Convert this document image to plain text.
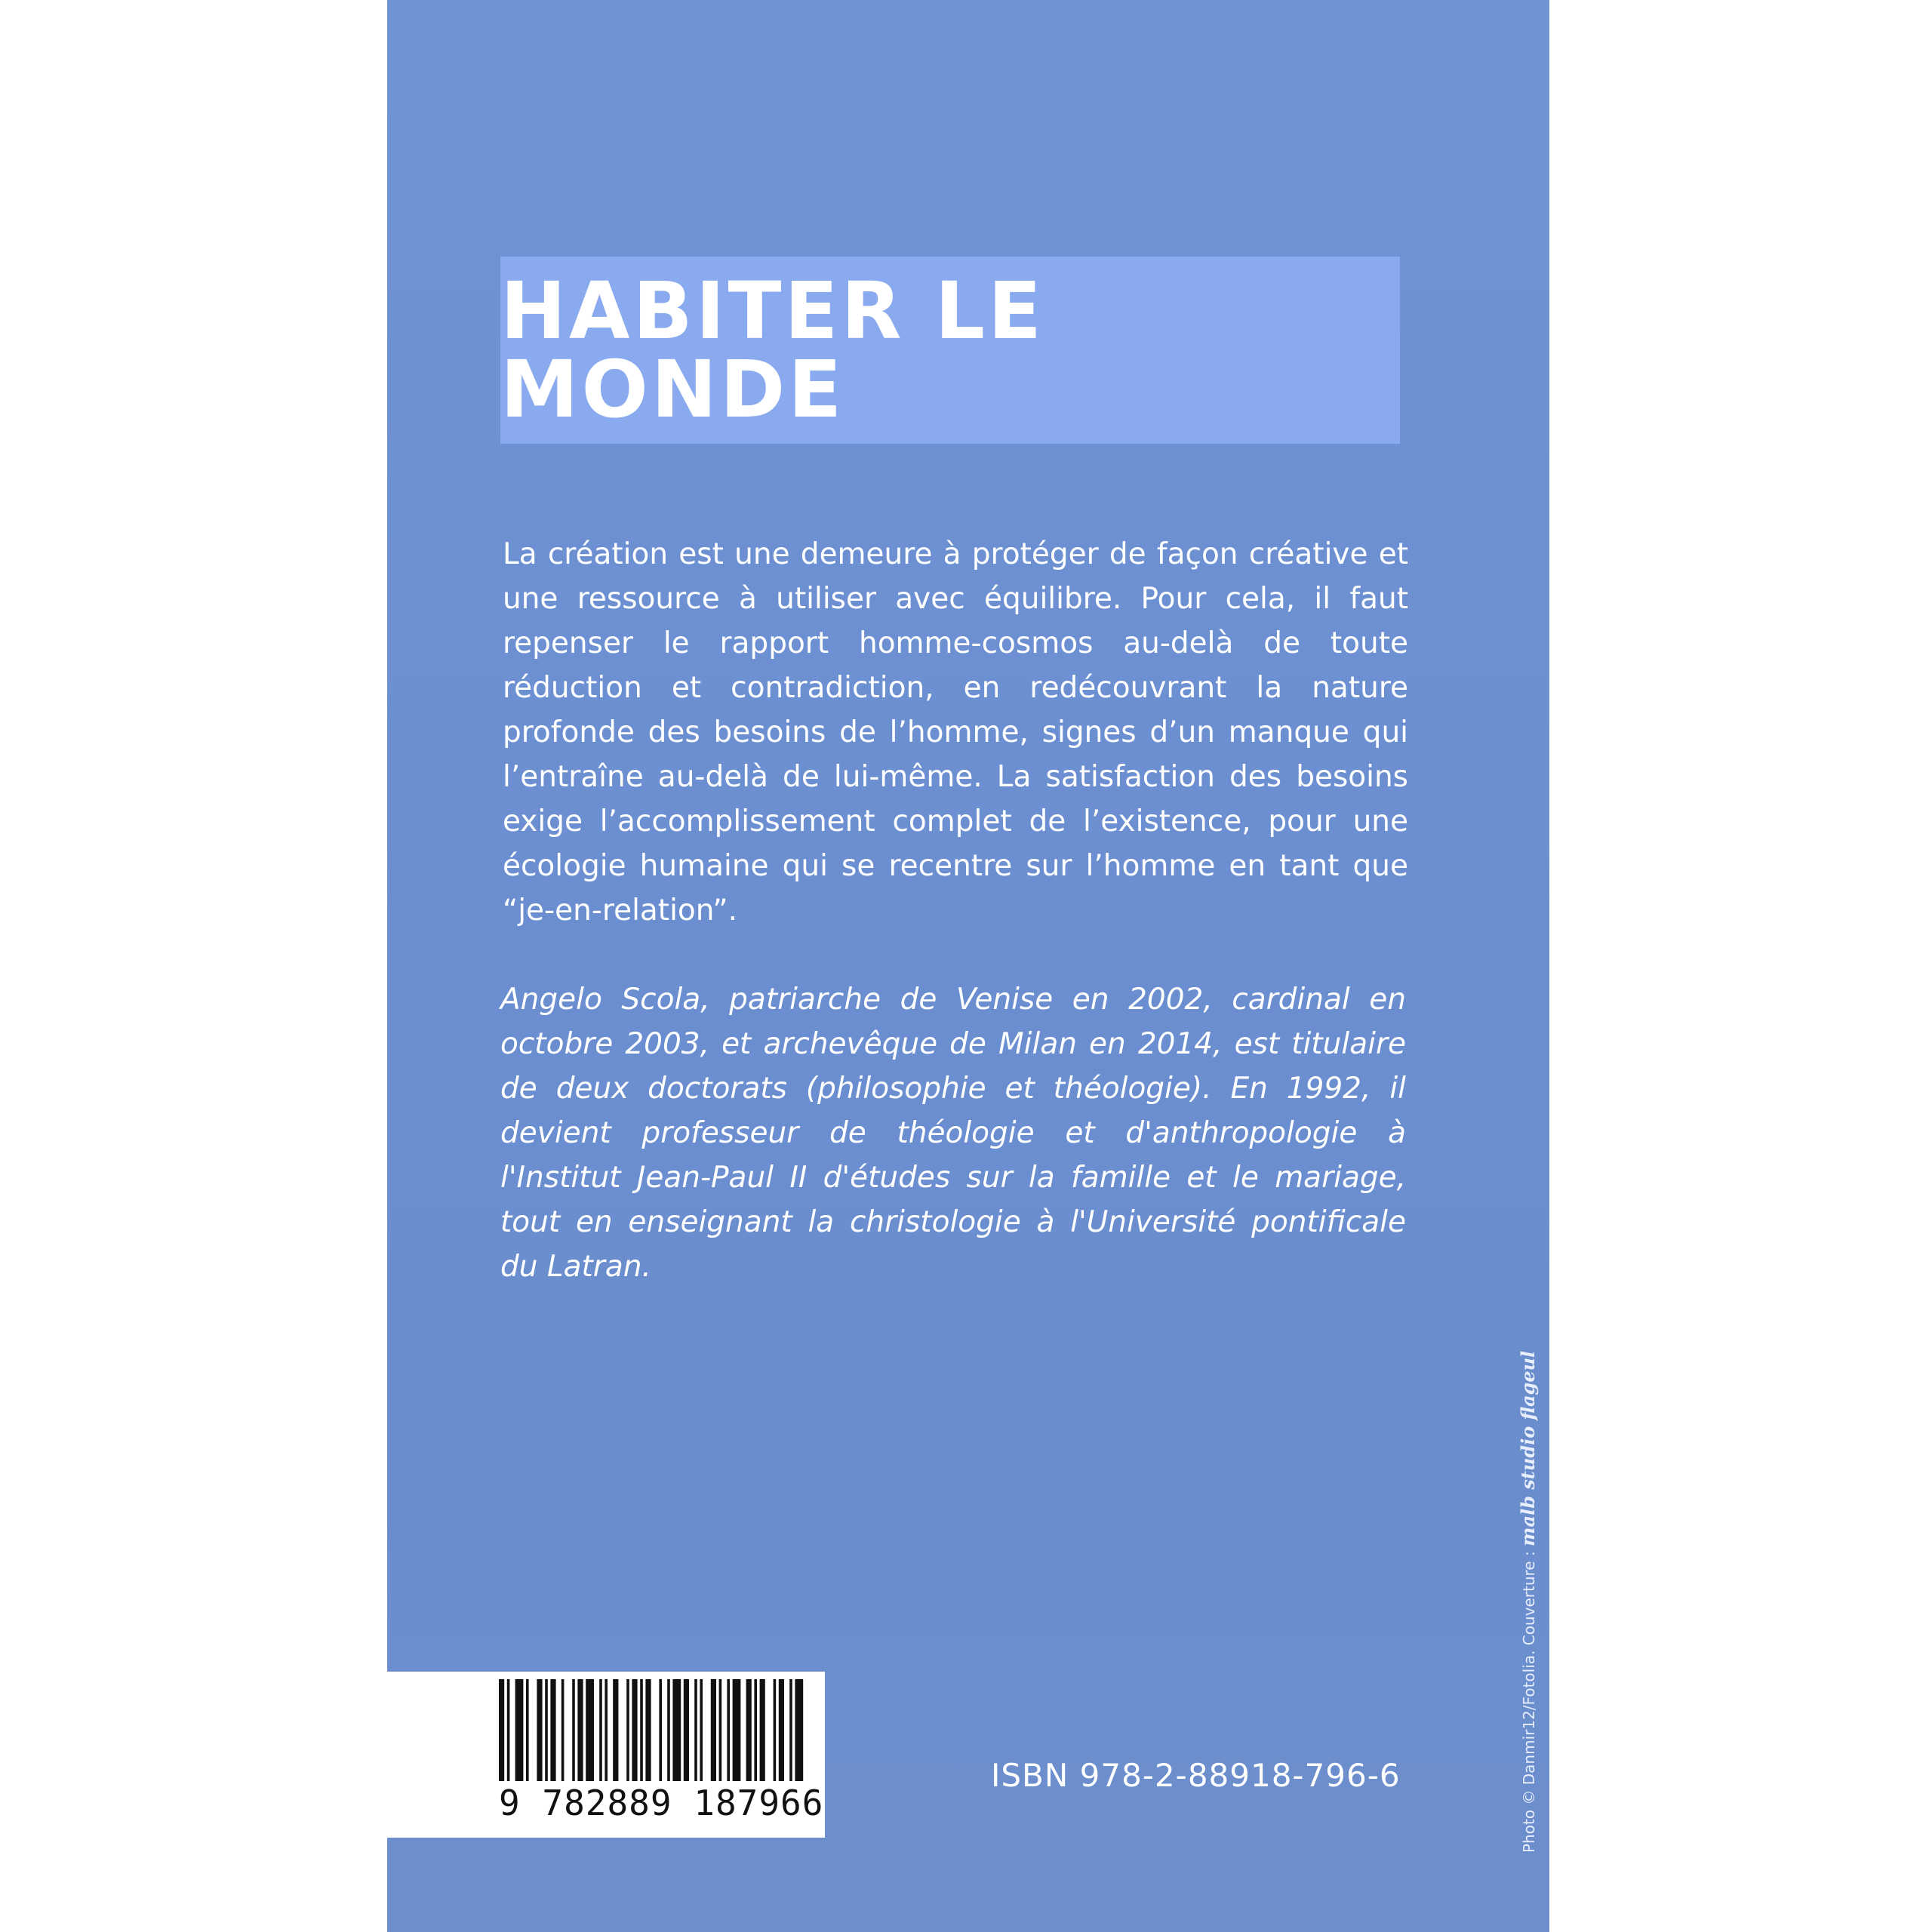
HABITER LE MONDE

La création est une demeure à protéger de façon créative et une ressource à utiliser avec équilibre. Pour cela, il faut repenser le rapport homme-cosmos au-delà de toute réduction et contradiction, en redécouvrant la nature profonde des besoins de l’homme, signes d’un manque qui l’entraîne au-delà de lui-même. La satisfaction des besoins exige l’accomplissement complet de l’existence, pour une écologie humaine qui se recentre sur l’homme en tant que “je-en-relation”.

Angelo Scola, patriarche de Venise en 2002, cardinal en octobre 2003, et archevêque de Milan en 2014, est titulaire de deux doctorats (philosophie et théologie). En 1992, il devient professeur de théologie et d'anthropologie à l'Institut Jean-Paul II d'études sur la famille et le mariage, tout en enseignant la christologie à l'Université pontificale du Latran.

9 782889 187966

ISBN 978-2-88918-796-6	Photo © Danmir12/Fotolia. Couverture : malb studio flageul
